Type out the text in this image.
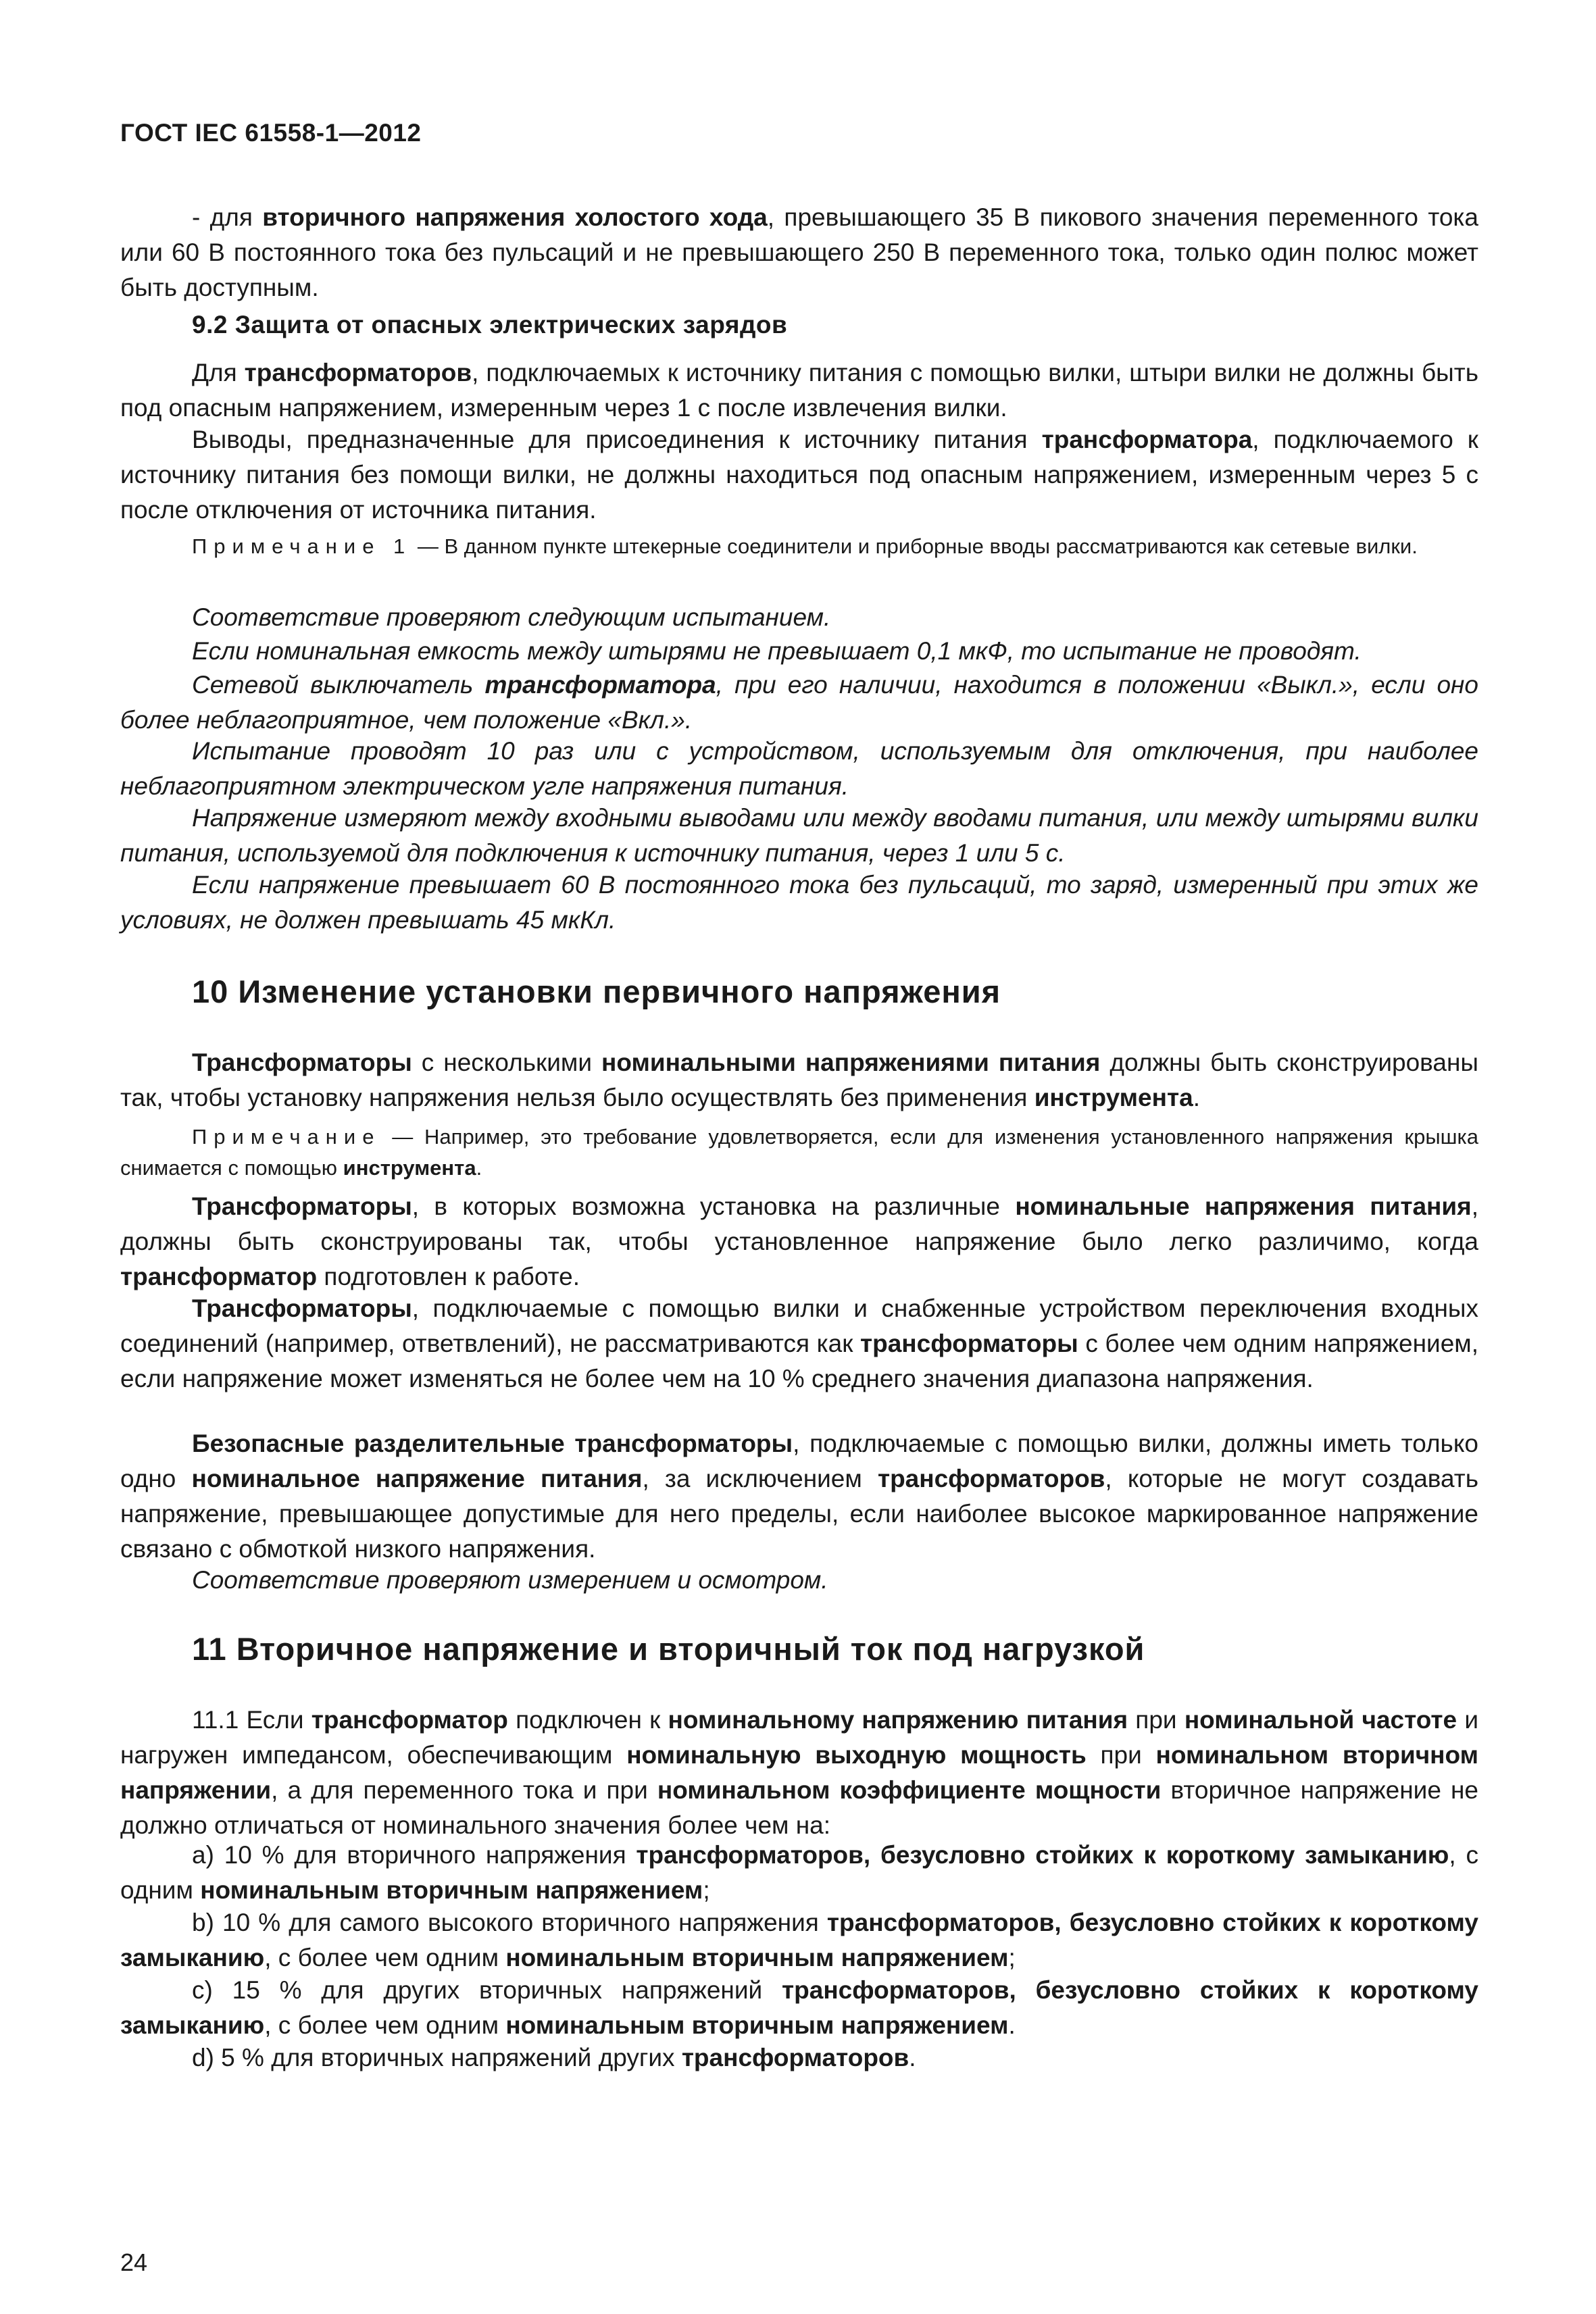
ГОСТ IEC 61558-1—2012
- для вторичного напряжения холостого хода, превышающего 35 В пикового значения переменного тока или 60 В постоянного тока без пульсаций и не превышающего 250 В переменного тока, только один полюс может быть доступным.
9.2 Защита от опасных электрических зарядов
Для трансформаторов, подключаемых к источнику питания с помощью вилки, штыри вилки не должны быть под опасным напряжением, измеренным через 1 с после извлечения вилки.
Выводы, предназначенные для присоединения к источнику питания трансформатора, подключаемого к источнику питания без помощи вилки, не должны находиться под опасным напряжением, измеренным через 5 с после отключения от источника питания.
Примечание 1 — В данном пункте штекерные соединители и приборные вводы рассматриваются как сетевые вилки.
Соответствие проверяют следующим испытанием.
Если номинальная емкость между штырями не превышает 0,1 мкФ, то испытание не проводят.
Сетевой выключатель трансформатора, при его наличии, находится в положении «Выкл.», если оно более неблагоприятное, чем положение «Вкл.».
Испытание проводят 10 раз или с устройством, используемым для отключения, при наиболее неблагоприятном электрическом угле напряжения питания.
Напряжение измеряют между входными выводами или между вводами питания, или между штырями вилки питания, используемой для подключения к источнику питания, через 1 или 5 с.
Если напряжение превышает 60 В постоянного тока без пульсаций, то заряд, измеренный при этих же условиях, не должен превышать 45 мкКл.
10 Изменение установки первичного напряжения
Трансформаторы с несколькими номинальными напряжениями питания должны быть сконструированы так, чтобы установку напряжения нельзя было осуществлять без применения инструмента.
Примечание — Например, это требование удовлетворяется, если для изменения установленного напряжения крышка снимается с помощью инструмента.
Трансформаторы, в которых возможна установка на различные номинальные напряжения питания, должны быть сконструированы так, чтобы установленное напряжение было легко различимо, когда трансформатор подготовлен к работе.
Трансформаторы, подключаемые с помощью вилки и снабженные устройством переключения входных соединений (например, ответвлений), не рассматриваются как трансформаторы с более чем одним напряжением, если напряжение может изменяться не более чем на 10 % среднего значения диапазона напряжения.
Безопасные разделительные трансформаторы, подключаемые с помощью вилки, должны иметь только одно номинальное напряжение питания, за исключением трансформаторов, которые не могут создавать напряжение, превышающее допустимые для него пределы, если наиболее высокое маркированное напряжение связано с обмоткой низкого напряжения.
Соответствие проверяют измерением и осмотром.
11 Вторичное напряжение и вторичный ток под нагрузкой
11.1 Если трансформатор подключен к номинальному напряжению питания при номинальной частоте и нагружен импедансом, обеспечивающим номинальную выходную мощность при номинальном вторичном напряжении, а для переменного тока и при номинальном коэффициенте мощности вторичное напряжение не должно отличаться от номинального значения более чем на:
а) 10 % для вторичного напряжения трансформаторов, безусловно стойких к короткому замыканию, с одним номинальным вторичным напряжением;
b) 10 % для самого высокого вторичного напряжения трансформаторов, безусловно стойких к короткому замыканию, с более чем одним номинальным вторичным напряжением;
с) 15 % для других вторичных напряжений трансформаторов, безусловно стойких к короткому замыканию, с более чем одним номинальным вторичным напряжением.
d) 5 % для вторичных напряжений других трансформаторов.
24
